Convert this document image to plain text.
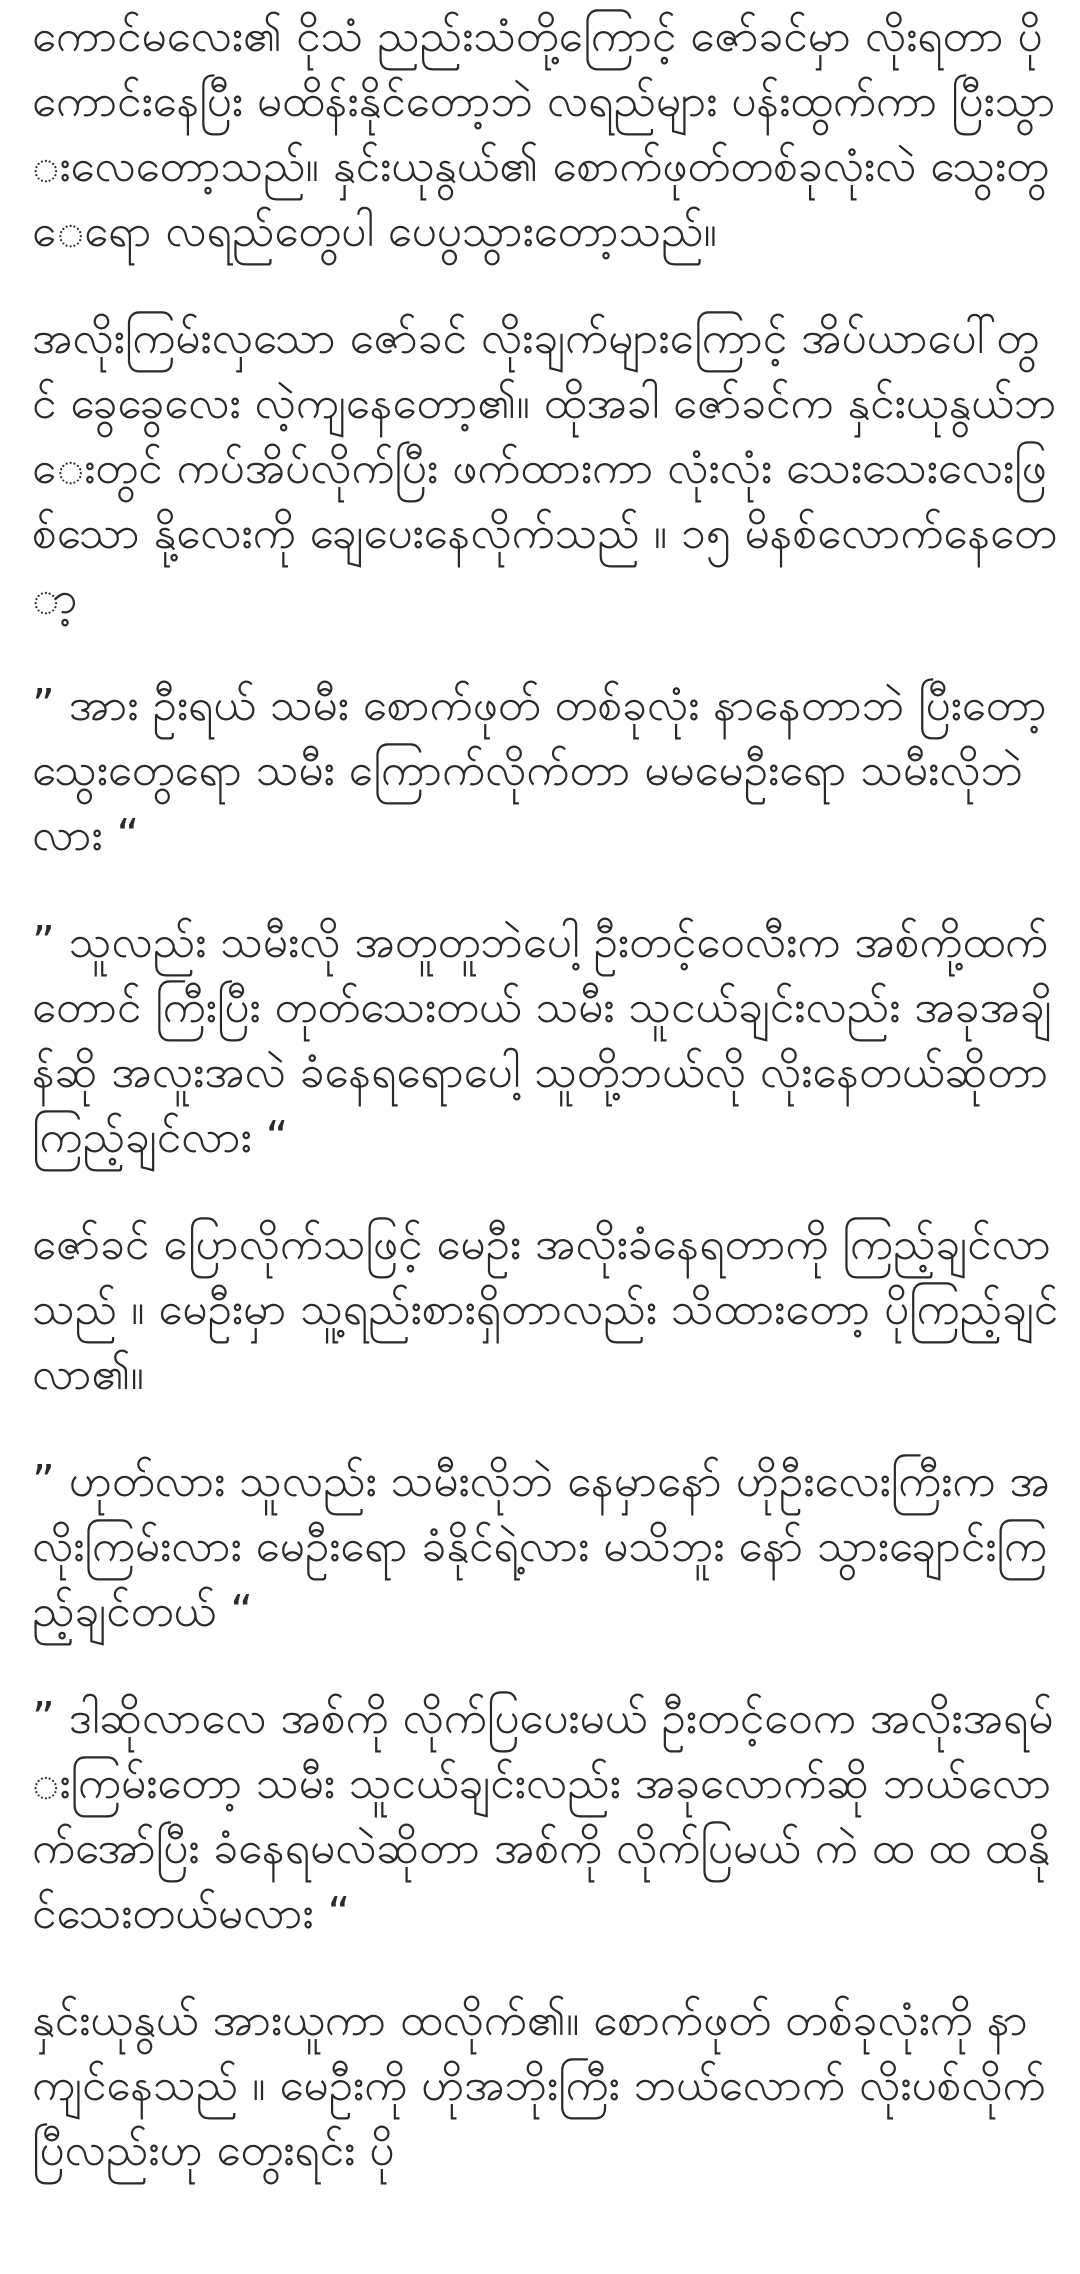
ကောင်မလေး၏ ငိုသံ ညည်းသံတို့ကြောင့် ဇော်ခင်မှာ လိုးရတာ ပိုကောင်းနေပြီး မထိန်းနိုင်တော့ဘဲ လရည်များ ပန်းထွက်ကာ ပြီးသွားလေတော့သည်။ နှင်းယုနွယ်၏ စောက်ဖုတ်တစ်ခုလုံးလဲ သွေးတွေရော လရည်တွေပါ ပေပွသွားတော့သည်။

အလိုးကြမ်းလှသော ဇော်ခင် လိုးချက်များကြောင့် အိပ်ယာပေါ်တွင် ခွေခွေလေး လဲ့ကျနေတော့၏။ ထိုအခါ ဇော်ခင်က နှင်းယုနွယ်ဘေးတွင် ကပ်အိပ်လိုက်ပြီး ဖက်ထားကာ လုံးလုံး သေးသေးလေးဖြစ်သော နို့လေးကို ချေပေးနေလိုက်သည် ။ ၁၅ မိနစ်လောက်နေတော့

” အား ဦးရယ် သမီး စောက်ဖုတ် တစ်ခုလုံး နာနေတာဘဲ ပြီးတော့ သွေးတွေရော သမီး ကြောက်လိုက်တာ မမမေဦးရော သမီးလိုဘဲလား “

” သူလည်း သမီးလို အတူတူဘဲပေါ့ ဦးတင့်ဝေလီးက အစ်ကို့ထက်တောင် ကြီးပြီး တုတ်သေးတယ် သမီး သူငယ်ချင်းလည်း အခုအချိန်ဆို အလူးအလဲ ခံနေရရောပေါ့ သူတို့ဘယ်လို လိုးနေတယ်ဆိုတာ ကြည့်ချင်လား “

ဇော်ခင် ပြောလိုက်သဖြင့် မေဦး အလိုးခံနေရတာကို ကြည့်ချင်လာသည် ။ မေဦးမှာ သူ့ရည်းစားရှိတာလည်း သိထားတော့ ပိုကြည့်ချင်လာ၏။

” ဟုတ်လား သူလည်း သမီးလိုဘဲ နေမှာနော် ဟိုဦးလေးကြီးက အလိုးကြမ်းလား မေဦးရော ခံနိုင်ရဲ့လား မသိဘူး နော် သွားချောင်းကြည့်ချင်တယ် “

” ဒါဆိုလာလေ အစ်ကို လိုက်ပြပေးမယ် ဦးတင့်ဝေက အလိုးအရမ်းကြမ်းတော့ သမီး သူငယ်ချင်းလည်း အခုလောက်ဆို ဘယ်လောက်အော်ပြီး ခံနေရမလဲဆိုတာ အစ်ကို လိုက်ပြမယ် ကဲ ထ ထ ထနိုင်သေးတယ်မလား “

နှင်းယုနွယ် အားယူကာ ထလိုက်၏။ စောက်ဖုတ် တစ်ခုလုံးကို နာကျင်နေသည် ။ မေဦးကို ဟိုအဘိုးကြီး ဘယ်လောက် လိုးပစ်လိုက်ပြီလည်းဟု တွေးရင်း ပို
